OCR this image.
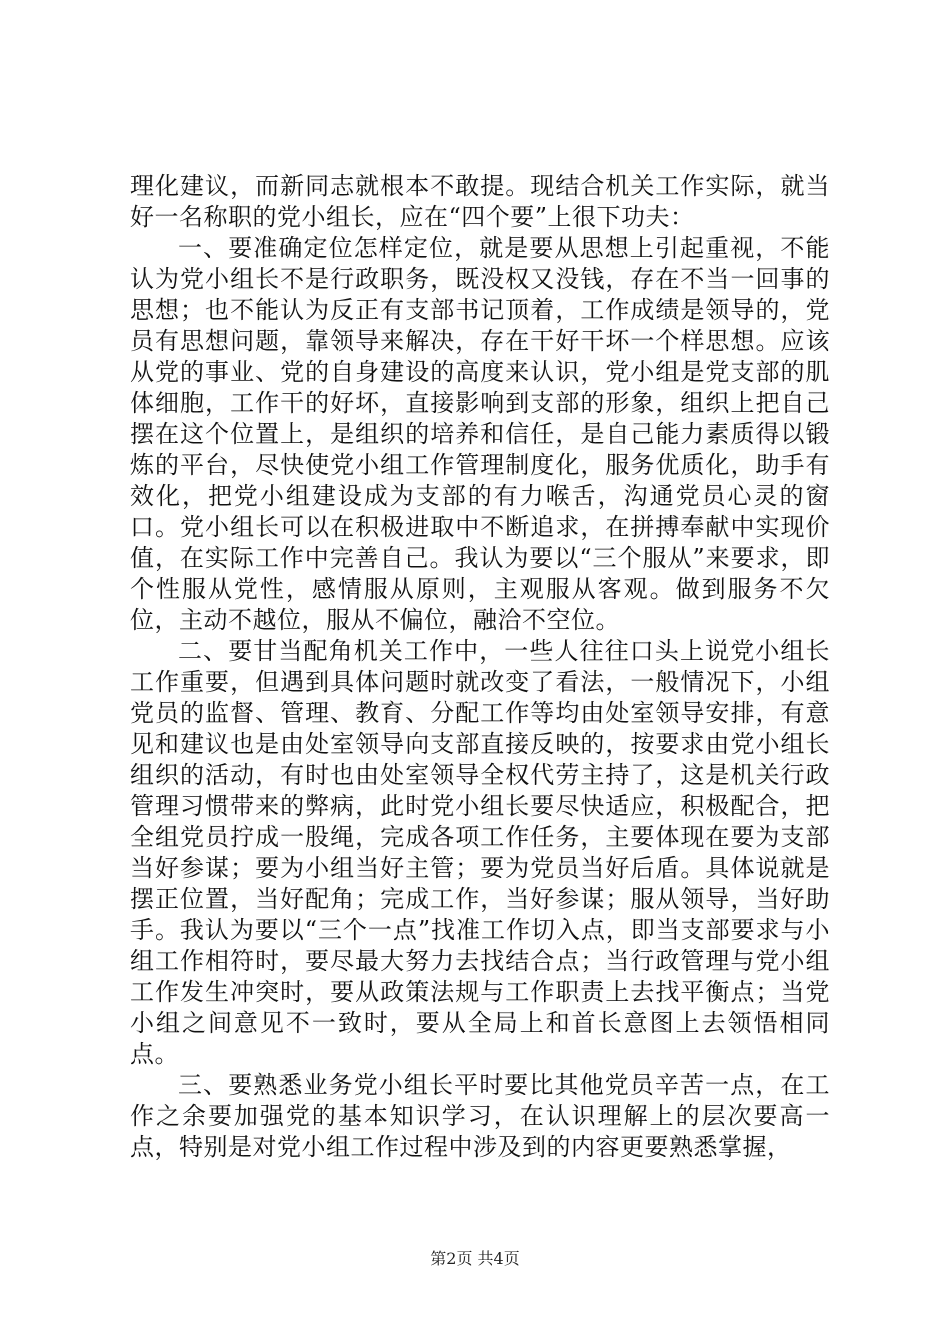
理化建议，而新同志就根本不敢提。现结合机关工作实际，就当好一名称职的党小组长，应在“四个要”上很下功夫：

一、要准确定位怎样定位，就是要从思想上引起重视，不能认为党小组长不是行政职务，既没权又没钱，存在不当一回事的思想；也不能认为反正有支部书记顶着，工作成绩是领导的，党员有思想问题，靠领导来解决，存在干好干坏一个样思想。应该从党的事业、党的自身建设的高度来认识，党小组是党支部的肌体细胞，工作干的好坏，直接影响到支部的形象，组织上把自己摆在这个位置上，是组织的培养和信任，是自己能力素质得以锻炼的平台，尽快使党小组工作管理制度化，服务优质化，助手有效化，把党小组建设成为支部的有力喉舌，沟通党员心灵的窗口。党小组长可以在积极进取中不断追求，在拼搏奉献中实现价值，在实际工作中完善自己。我认为要以“三个服从”来要求，即个性服从党性，感情服从原则，主观服从客观。做到服务不欠位，主动不越位，服从不偏位，融洽不空位。

二、要甘当配角机关工作中，一些人往往口头上说党小组长工作重要，但遇到具体问题时就改变了看法，一般情况下，小组党员的监督、管理、教育、分配工作等均由处室领导安排，有意见和建议也是由处室领导向支部直接反映的，按要求由党小组长组织的活动，有时也由处室领导全权代劳主持了，这是机关行政管理习惯带来的弊病，此时党小组长要尽快适应，积极配合，把全组党员拧成一股绳，完成各项工作任务，主要体现在要为支部当好参谋；要为小组当好主管；要为党员当好后盾。具体说就是摆正位置，当好配角；完成工作，当好参谋；服从领导，当好助手。我认为要以“三个一点”找准工作切入点，即当支部要求与小组工作相符时，要尽最大努力去找结合点；当行政管理与党小组工作发生冲突时，要从政策法规与工作职责上去找平衡点；当党小组之间意见不一致时，要从全局上和首长意图上去领悟相同点。

三、要熟悉业务党小组长平时要比其他党员辛苦一点，在工作之余要加强党的基本知识学习，在认识理解上的层次要高一点，特别是对党小组工作过程中涉及到的内容更要熟悉掌握，

第2页 共4页
